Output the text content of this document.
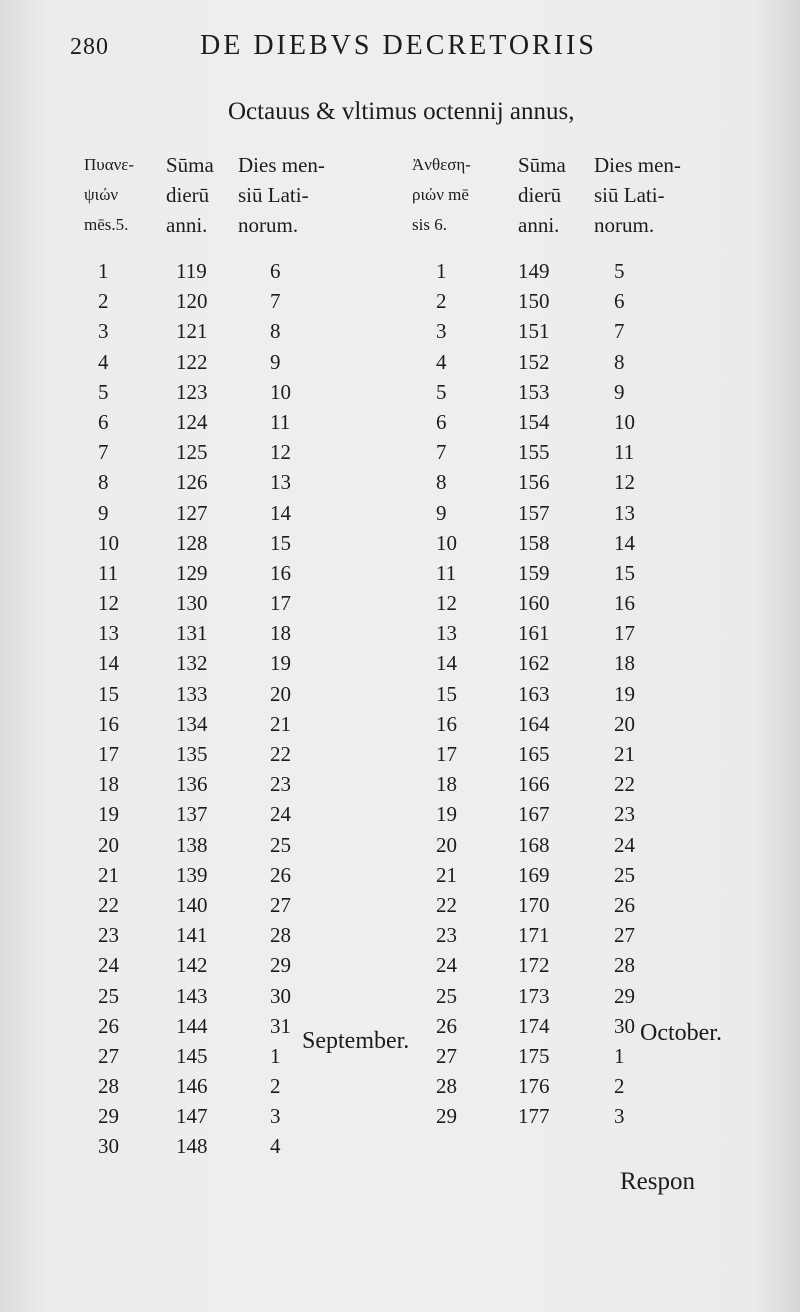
280	DE DIEBVS DECRETORIIS
Octauus & vltimus octennij annus,
Πυανε-
ψιών
mēs.5.
Sūma
dierū
anni.
Dies men-
siū Lati-
norum.
Ἀνθεση-
ριών mē
sis 6.
Sūma
dierū
anni.
Dies men-
siū Lati-
norum.
1
2
3
4
5
6
7
8
9
10
11
12
13
14
15
16
17
18
19
20
21
22
23
24
25
26
27
28
29
30
119
120
121
122
123
124
125
126
127
128
129
130
131
132
133
134
135
136
137
138
139
140
141
142
143
144
145
146
147
148
6
7
8
9
10
11
12
13
14
15
16
17
18
19
20
21
22
23
24
25
26
27
28
29
30
31
1
2
3
4
1
2
3
4
5
6
7
8
9
10
11
12
13
14
15
16
17
18
19
20
21
22
23
24
25
26
27
28
29
149
150
151
152
153
154
155
156
157
158
159
160
161
162
163
164
165
166
167
168
169
170
171
172
173
174
175
176
177
5
6
7
8
9
10
11
12
13
14
15
16
17
18
19
20
21
22
23
24
25
26
27
28
29
30
1
2
3
September.	October.
Respon
